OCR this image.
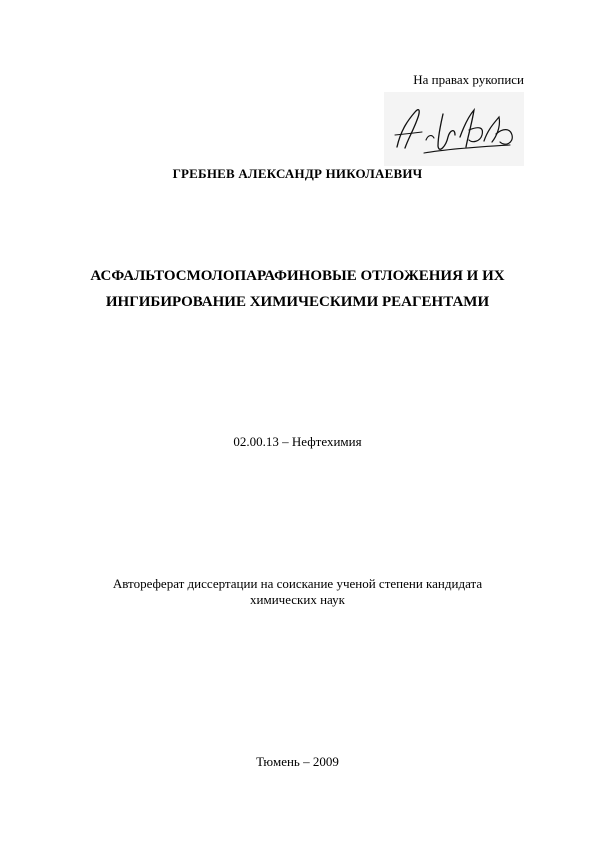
На правах рукописи
ГРЕБНЕВ АЛЕКСАНДР НИКОЛАЕВИЧ
АСФАЛЬТОСМОЛОПАРАФИНОВЫЕ ОТЛОЖЕНИЯ И ИХ
ИНГИБИРОВАНИЕ ХИМИЧЕСКИМИ РЕАГЕНТАМИ
02.00.13 – Нефтехимия
Автореферат диссертации на соискание ученой степени кандидата
химических наук
Тюмень – 2009
